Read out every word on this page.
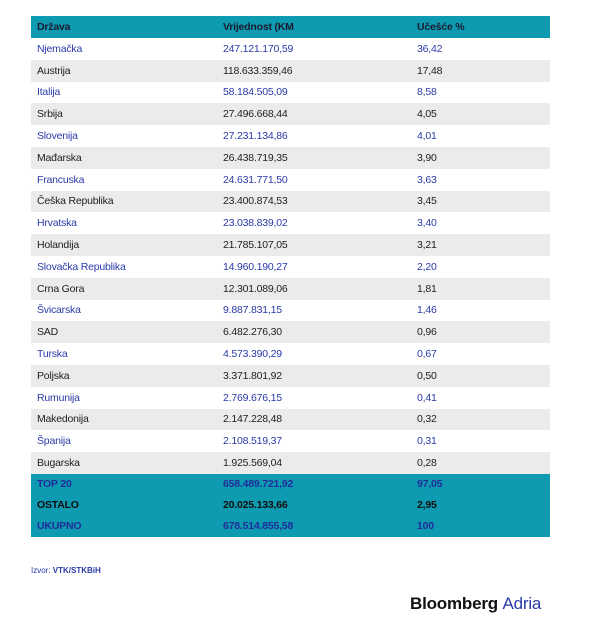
Država	Vrijednost (KM	Učešće %
Njemačka	247.121.170,59	36,42
Austrija	118.633.359,46	17,48
Italija	58.184.505,09	8,58
Srbija	27.496.668,44	4,05
Slovenija	27.231.134,86	4,01
Mađarska	26.438.719,35	3,90
Francuska	24.631.771,50	3,63
Češka Republika	23.400.874,53	3,45
Hrvatska	23.038.839,02	3,40
Holandija	21.785.107,05	3,21
Slovačka Republika	14.960.190,27	2,20
Crna Gora	12.301.089,06	1,81
Švicarska	9.887.831,15	1,46
SAD	6.482.276,30	0,96
Turska	4.573.390,29	0,67
Poljska	3.371.801,92	0,50
Rumunija	2.769.676,15	0,41
Makedonija	2.147.228,48	0,32
Španija	2.108.519,37	0,31
Bugarska	1.925.569,04	0,28
TOP 20	658.489.721,92	97,05
OSTALO	20.025.133,66	2,95
UKUPNO	678.514.855,58	100
Izvor: VTK/STKBiH
Bloomberg Adria
